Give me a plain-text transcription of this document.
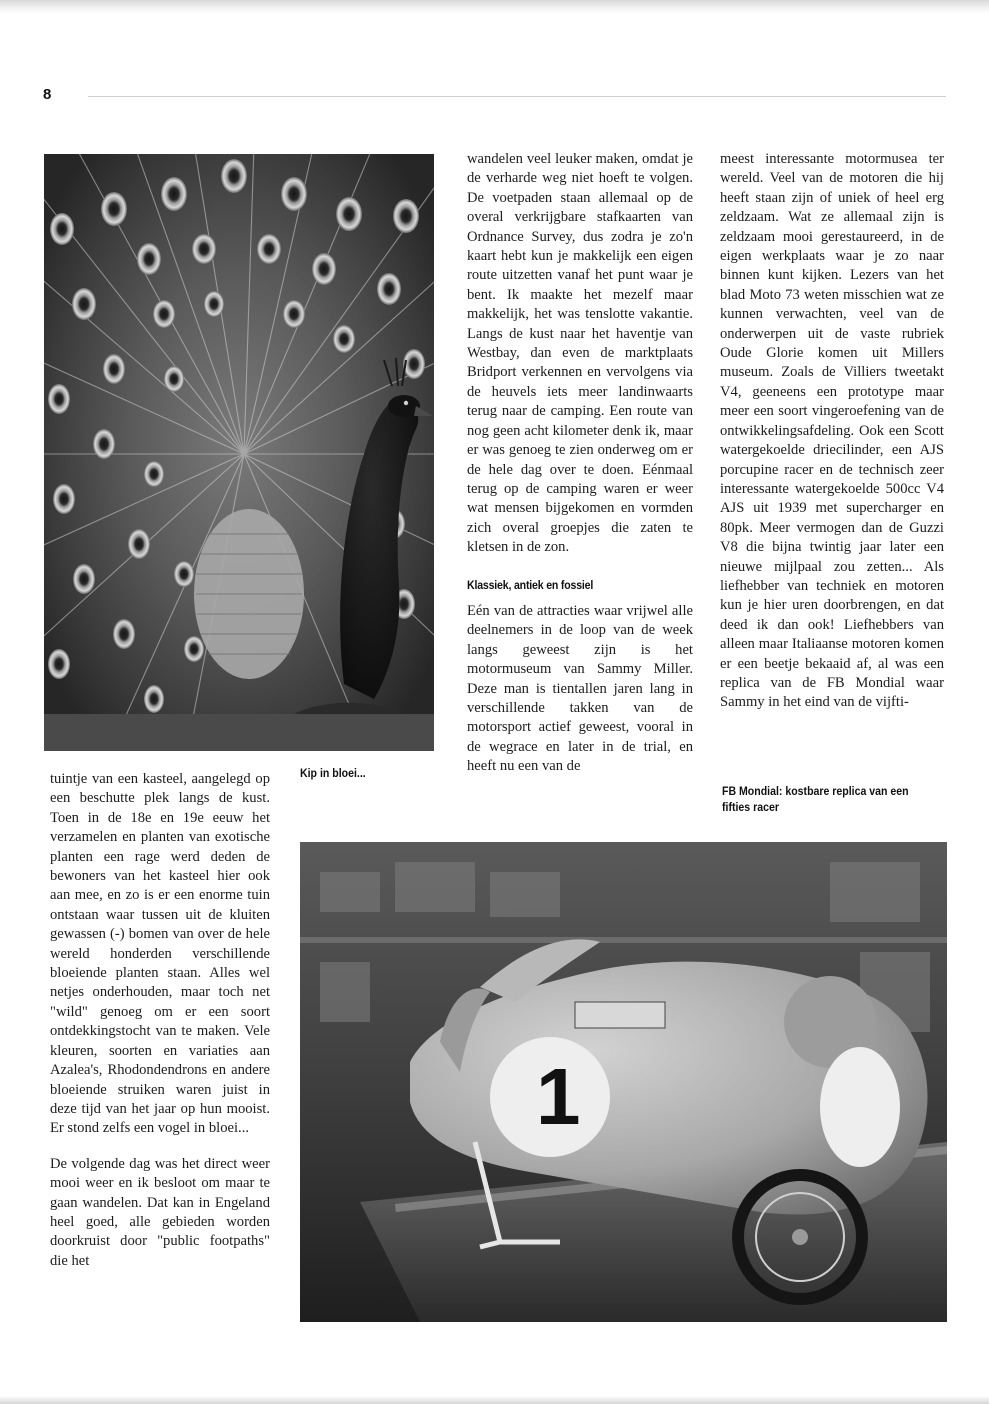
8
Kip in bloei...

tuintje van een kasteel, aangelegd op een beschutte plek langs de kust. Toen in de 18e en 19e eeuw het verzamelen en planten van exotische planten een rage werd deden de bewoners van het kasteel hier ook aan mee, en zo is er een enorme tuin ontstaan waar tussen uit de kluiten gewassen (-) bomen van over de hele wereld honderden verschillende bloeiende planten staan. Alles wel netjes onderhouden, maar toch net "wild" genoeg om er een soort ontdekkingstocht van te maken. Vele kleuren, soorten en variaties aan Azalea's, Rhodondendrons en andere bloeiende struiken waren juist in deze tijd van het jaar op hun mooist. Er stond zelfs een vogel in bloei...

De volgende dag was het direct weer mooi weer en ik besloot om maar te gaan wandelen. Dat kan in Engeland heel goed, alle gebieden worden doorkruist door "public footpaths" die het

wandelen veel leuker maken, omdat je de verharde weg niet hoeft te volgen. De voetpaden staan allemaal op de overal verkrijgbare stafkaarten van Ordnance Survey, dus zodra je zo'n kaart hebt kun je makkelijk een eigen route uitzetten vanaf het punt waar je bent. Ik maakte het mezelf maar makkelijk, het was tenslotte vakantie. Langs de kust naar het haventje van Westbay, dan even de marktplaats Bridport verkennen en vervolgens via de heuvels iets meer landinwaarts terug naar de camping. Een route van nog geen acht kilometer denk ik, maar er was genoeg te zien onderweg om er de hele dag over te doen. Eénmaal terug op de camping waren er weer wat mensen bijgekomen en vormden zich overal groepjes die zaten te kletsen in de zon.

Klassiek, antiek en fossiel

Eén van de attracties waar vrijwel alle deelnemers in de loop van de week langs geweest zijn is het motormuseum van Sammy Miller. Deze man is tientallen jaren lang in verschillende takken van de motorsport actief geweest, vooral in de wegrace en later in de trial, en heeft nu een van de

meest interessante motormusea ter wereld. Veel van de motoren die hij heeft staan zijn of uniek of heel erg zeldzaam. Wat ze allemaal zijn is zeldzaam mooi gerestaureerd, in de eigen werkplaats waar je zo naar binnen kunt kijken. Lezers van het blad Moto 73 weten misschien wat ze kunnen verwachten, veel van de onderwerpen uit de vaste rubriek Oude Glorie komen uit Millers museum. Zoals de Villiers tweetakt V4, geeneens een prototype maar meer een soort vingeroefening van de ontwikkelingsafdeling. Ook een Scott watergekoelde driecilinder, een AJS porcupine racer en de technisch zeer interessante watergekoelde 500cc V4 AJS uit 1939 met supercharger en 80pk. Meer vermogen dan de Guzzi V8 die bijna twintig jaar later een nieuwe mijlpaal zou zetten... Als liefhebber van techniek en motoren kun je hier uren doorbrengen, en dat deed ik dan ook! Liefhebbers van alleen maar Italiaanse motoren komen er een beetje bekaaid af, al was een replica van de FB Mondial waar Sammy in het eind van de vijfti-

FB Mondial: kostbare replica van een fifties racer
1
